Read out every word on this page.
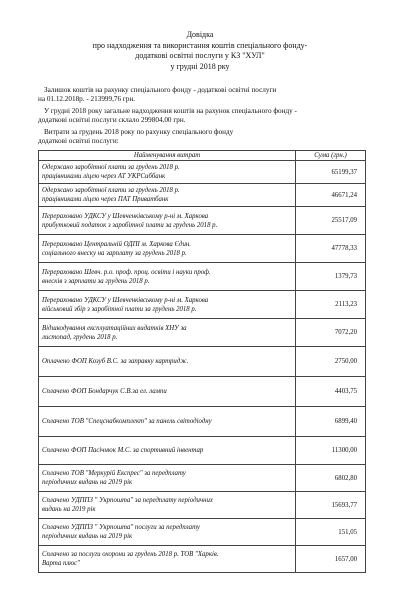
Довідка
про надходження та використання коштів спеціального фонду-
додаткові освітні послуги у КЗ "ХУЛ"
у грудні 2018 рку
Залишок коштів на рахунку спеціального фонду - додаткові освітні послуги
на 01.12.2018р. - 213999,76 грн.
У грудні 2018 року загальне надходження коштів на рахунок спеціального фонду -
додаткові освітні послуги склало 299804,00 грн.
Витрати за грудень 2018 року по рахунку спеціального фонду
додаткові освітні послуги:
Найменування витрат	Сума (грн.)

Одержано заробітної плати за грудень 2018 р.
працівниками ліцею через АТ УКРСиббанк	65199,37

Одержано заробітної плати за грудень 2018 р.
працівниками ліцею через ПАТ Приватбанк	46671,24

Перераховано УДКСУ у Шевченківському р-ні м. Харкова
прибутковий податок з заробітної плати за грудень 2018 р.	25517,09

Перераховано Центральній ОДПІ м. Харкова Єдин.
соціального внеску на зарплату за грудень 2018 р.	47778,33

Перераховано Шевч. р.о. проф. проц. освіти і науки проф.
внесків з зарплати за грудень 2018 р.	1379,73

Перераховано УДКСУ у Шевченківському р-ні м. Харкова
військовий збір з заробітної плати за грудень 2018 р.	2113,23

Відшкодування експлуатаційних видатків ХНУ за
листопад, грудень 2018 р.	7072,20

Оплачено ФОП Козуб В.С. за заправку картридж.	2750,00

Сплачено ФОП Бондарчук С.В.за ел. лампи	4403,75

Сплачено ТОВ "Спецснабкомплект" за панель світодіодну	6899,40

Сплачено ФОП Пасічнюк М.С. за спортивний інвентар	11300,00

Сплачено ТОВ "Меркурій Експрес" за передплату
періодичних видань на 2019 рік	6802,80

Сплачено УДППЗ " Укрпошта" за передплату періодичних
видань на 2019 рік	15693,77

Сплачено УДППЗ " Укрпошта" послуги за передплату
періодичних видань на 2019 рік	151,05

Сплачено за послуги охорони за грудень 2018 р. ТОВ "Харків.
Варта плюс"	1657,00
